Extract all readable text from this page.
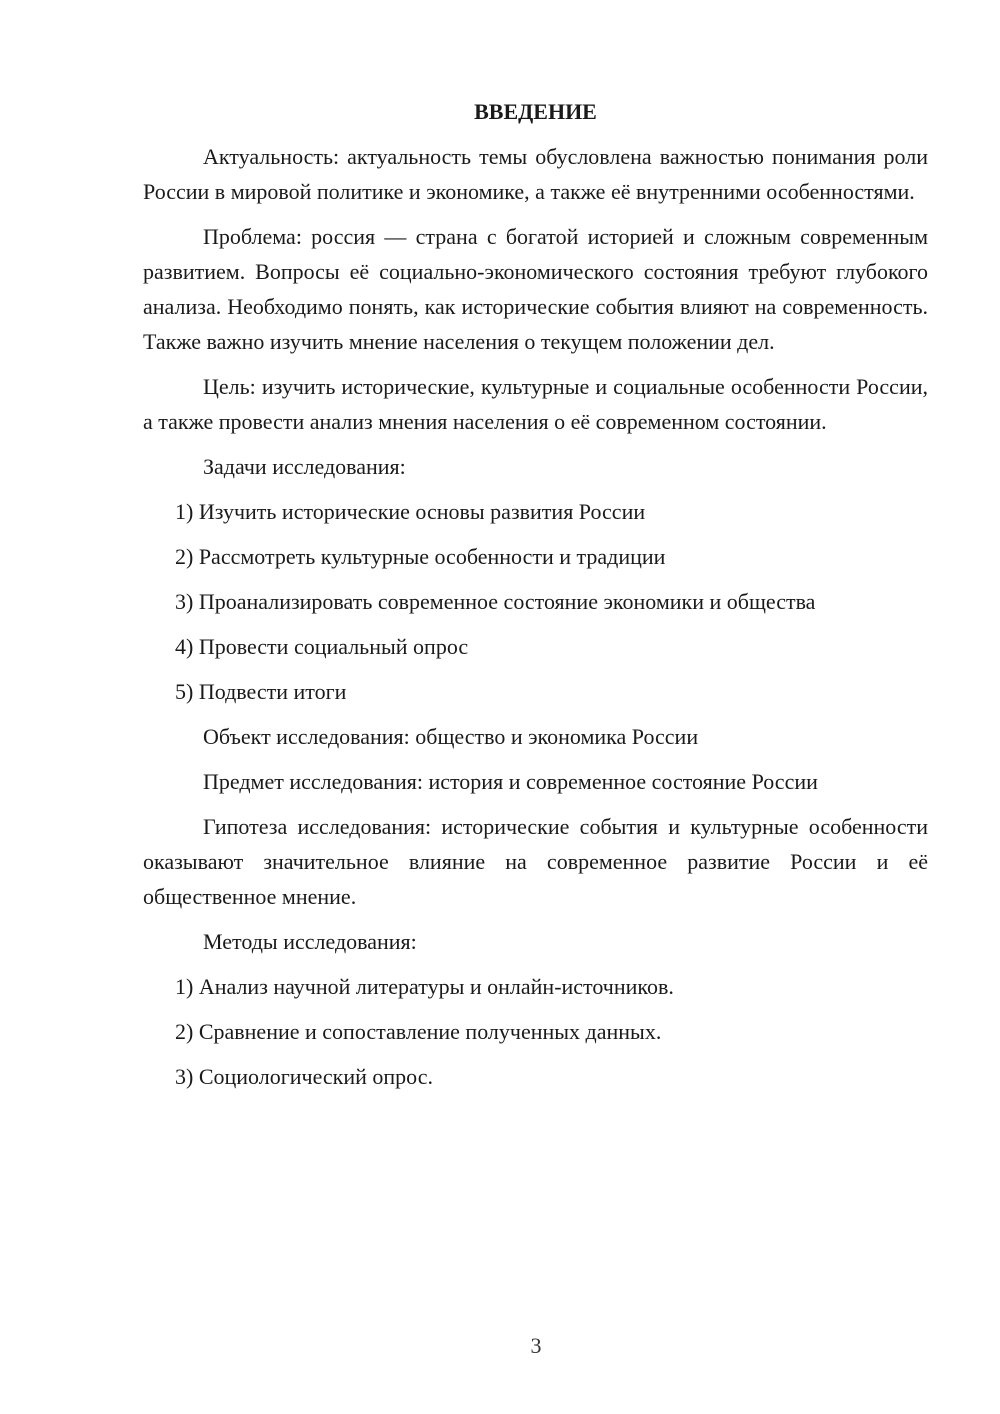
ВВЕДЕНИЕ

Актуальность: актуальность темы обусловлена важностью понимания роли России в мировой политике и экономике, а также её внутренними особенностями.

Проблема: россия — страна с богатой историей и сложным современным развитием. Вопросы её социально-экономического состояния требуют глубокого анализа. Необходимо понять, как исторические события влияют на современность. Также важно изучить мнение населения о текущем положении дел.

Цель: изучить исторические, культурные и социальные особенности России, а также провести анализ мнения населения о её современном состоянии.

Задачи исследования:

1) Изучить исторические основы развития России
2) Рассмотреть культурные особенности и традиции
3) Проанализировать современное состояние экономики и общества
4) Провести социальный опрос
5) Подвести итоги

Объект исследования: общество и экономика России

Предмет исследования: история и современное состояние России

Гипотеза исследования: исторические события и культурные особенности оказывают значительное влияние на современное развитие России и её общественное мнение.

Методы исследования:

1) Анализ научной литературы и онлайн-источников.
2) Сравнение и сопоставление полученных данных.
3) Социологический опрос.
3
